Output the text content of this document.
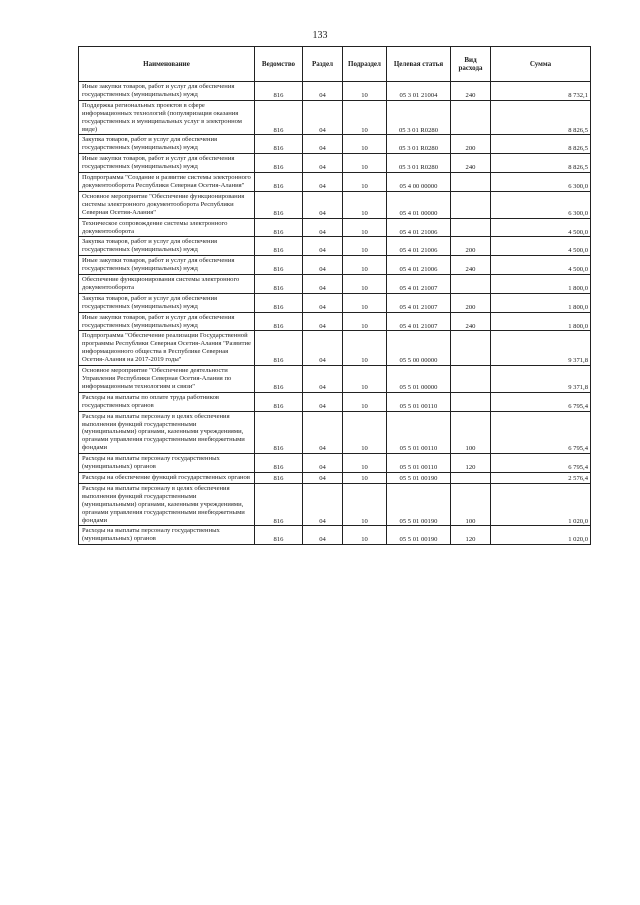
133
Наименование	Ведомство	Раздел	Подраздел	Целевая статья	Вид расхода	Сумма
Иные закупки товаров, работ и услуг для обеспечения государственных (муниципальных) нужд	816	04	10	05 3 01 21004	240	8 732,1
Поддержка региональных проектов в сфере информационных технологий (популяризация оказания государственных и муниципальных услуг в электронном виде)	816	04	10	05 3 01 R0280		8 826,5
Закупка товаров, работ и услуг для обеспечения государственных (муниципальных) нужд	816	04	10	05 3 01 R0280	200	8 826,5
Иные закупки товаров, работ и услуг для обеспечения государственных (муниципальных) нужд	816	04	10	05 3 01 R0280	240	8 826,5
Подпрограмма "Создание и развитие системы электронного документооборота Республики Северная Осетия-Алания"	816	04	10	05 4 00 00000		6 300,0
Основное мероприятие "Обеспечение функционирования системы электронного документооборота Республики Северная Осетия-Алания"	816	04	10	05 4 01 00000		6 300,0
Техническое сопровождение системы электронного документооборота	816	04	10	05 4 01 21006		4 500,0
Закупка товаров, работ и услуг для обеспечения государственных (муниципальных) нужд	816	04	10	05 4 01 21006	200	4 500,0
Иные закупки товаров, работ и услуг для обеспечения государственных (муниципальных) нужд	816	04	10	05 4 01 21006	240	4 500,0
Обеспечение функционирования системы электронного документооборота	816	04	10	05 4 01 21007		1 800,0
Закупка товаров, работ и услуг для обеспечения государственных (муниципальных) нужд	816	04	10	05 4 01 21007	200	1 800,0
Иные закупки товаров, работ и услуг для обеспечения государственных (муниципальных) нужд	816	04	10	05 4 01 21007	240	1 800,0
Подпрограмма "Обеспечение реализации Государственной программы Республики Северная Осетия-Алания "Развитие информационного общества в Республике Северная Осетия-Алания на 2017-2019 годы"	816	04	10	05 5 00 00000		9 371,8
Основное мероприятие "Обеспечение деятельности Управления Республики Северная Осетия-Алания по информационным технологиям и связи"	816	04	10	05 5 01 00000		9 371,8
Расходы на выплаты по оплате труда работников государственных органов	816	04	10	05 5 01 00110		6 795,4
Расходы на выплаты персоналу в целях обеспечения выполнения функций государственными (муниципальными) органами, казенными учреждениями, органами управления государственными внебюджетными фондами	816	04	10	05 5 01 00110	100	6 795,4
Расходы на выплаты персоналу государственных (муниципальных) органов	816	04	10	05 5 01 00110	120	6 795,4
Расходы на обеспечение функций государственных органов	816	04	10	05 5 01 00190		2 576,4
Расходы на выплаты персоналу в целях обеспечения выполнения функций государственными (муниципальными) органами, казенными учреждениями, органами управления государственными внебюджетными фондами	816	04	10	05 5 01 00190	100	1 020,0
Расходы на выплаты персоналу государственных (муниципальных) органов	816	04	10	05 5 01 00190	120	1 020,0
